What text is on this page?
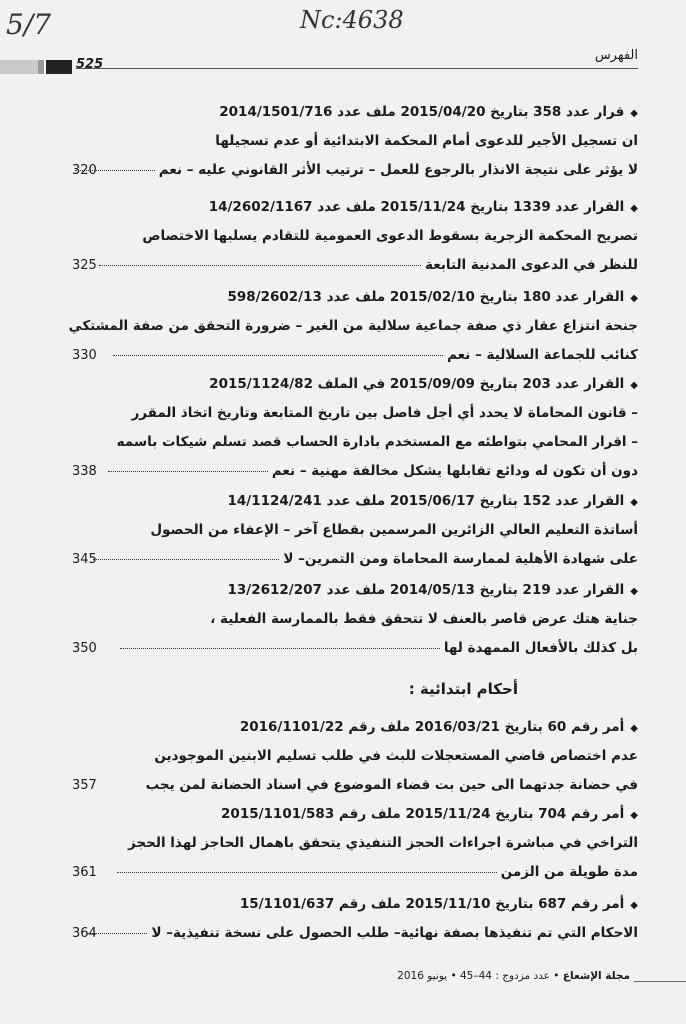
5/7	Nc:4638
525
الفهرس
◆قرار عدد 358 بتاريخ 2015/04/20 ملف عدد 2014/1501/716
ان تسجيل الأجير للدعوى أمام المحكمة الابتدائية أو عدم تسجيلها
لا يؤثر على نتيجة الانذار بالرجوع للعمل – ترتيب الأثر القانوني عليه – نعم
320
◆القرار عدد 1339 بتاريخ 2015/11/24 ملف عدد 14/2602/1167
تصريح المحكمة الزجرية بسقوط الدعوى العمومية للتقادم يسلبها الاختصاص
للنظر في الدعوى المدنية التابعة
325
◆القرار عدد 180 بتاريخ 2015/02/10 ملف عدد 598/2602/13
جنحة انتزاع عقار ذي صفة جماعية سلالية من الغير – ضرورة التحقق من صفة المشتكي
كنائب للجماعة السلالية – نعم
330
◆القرار عدد 203 بتاريخ 2015/09/09 في الملف 2015/1124/82
– قانون المحاماة لا يحدد أي أجل فاصل بين تاريخ المتابعة وتاريخ اتخاذ المقرر
– اقرار المحامي بتواطئه مع المستخدم بادارة الحساب قصد تسلم شيكات باسمه
دون أن تكون له ودائع تقابلها يشكل مخالفة مهنية – نعم
338
◆القرار عدد 152 بتاريخ 2015/06/17 ملف عدد 14/1124/241
أساتذة التعليم العالي الزائرين المرسمين بقطاع آخر – الإعفاء من الحصول
على شهادة الأهلية لممارسة المحاماة ومن التمرين– لا
345
◆القرار عدد 219 بتاريخ 2014/05/13 ملف عدد 13/2612/207
جناية هتك عرض قاصر بالعنف لا تتحقق فقط بالممارسة الفعلية ،
بل كذلك بالأفعال الممهدة لها
350
أحكام ابتدائية :
◆أمر رقم 60 بتاريخ 2016/03/21 ملف رقم 2016/1101/22
عدم اختصاص قاضي المستعجلات للبث في طلب تسليم الابنين الموجودين
في حضانة جدتهما الى حين بت قضاء الموضوع في اسناد الحضانة لمن يجب
357
◆أمر رقم 704 بتاريخ 2015/11/24 ملف رقم 2015/1101/583
التراخي في مباشرة اجراءات الحجز التنفيذي يتحقق باهمال الحاجز لهذا الحجز
مدة طويلة من الزمن
361
◆أمر رقم 687 بتاريخ 2015/11/10 ملف رقم 15/1101/637
الاحكام التي تم تنفيذها بصفة نهائية– طلب الحصول على نسخة تنفيذية– لا
364
مجلة الإشعاع • عدد مزدوج : 44–45 • يونيو 2016
